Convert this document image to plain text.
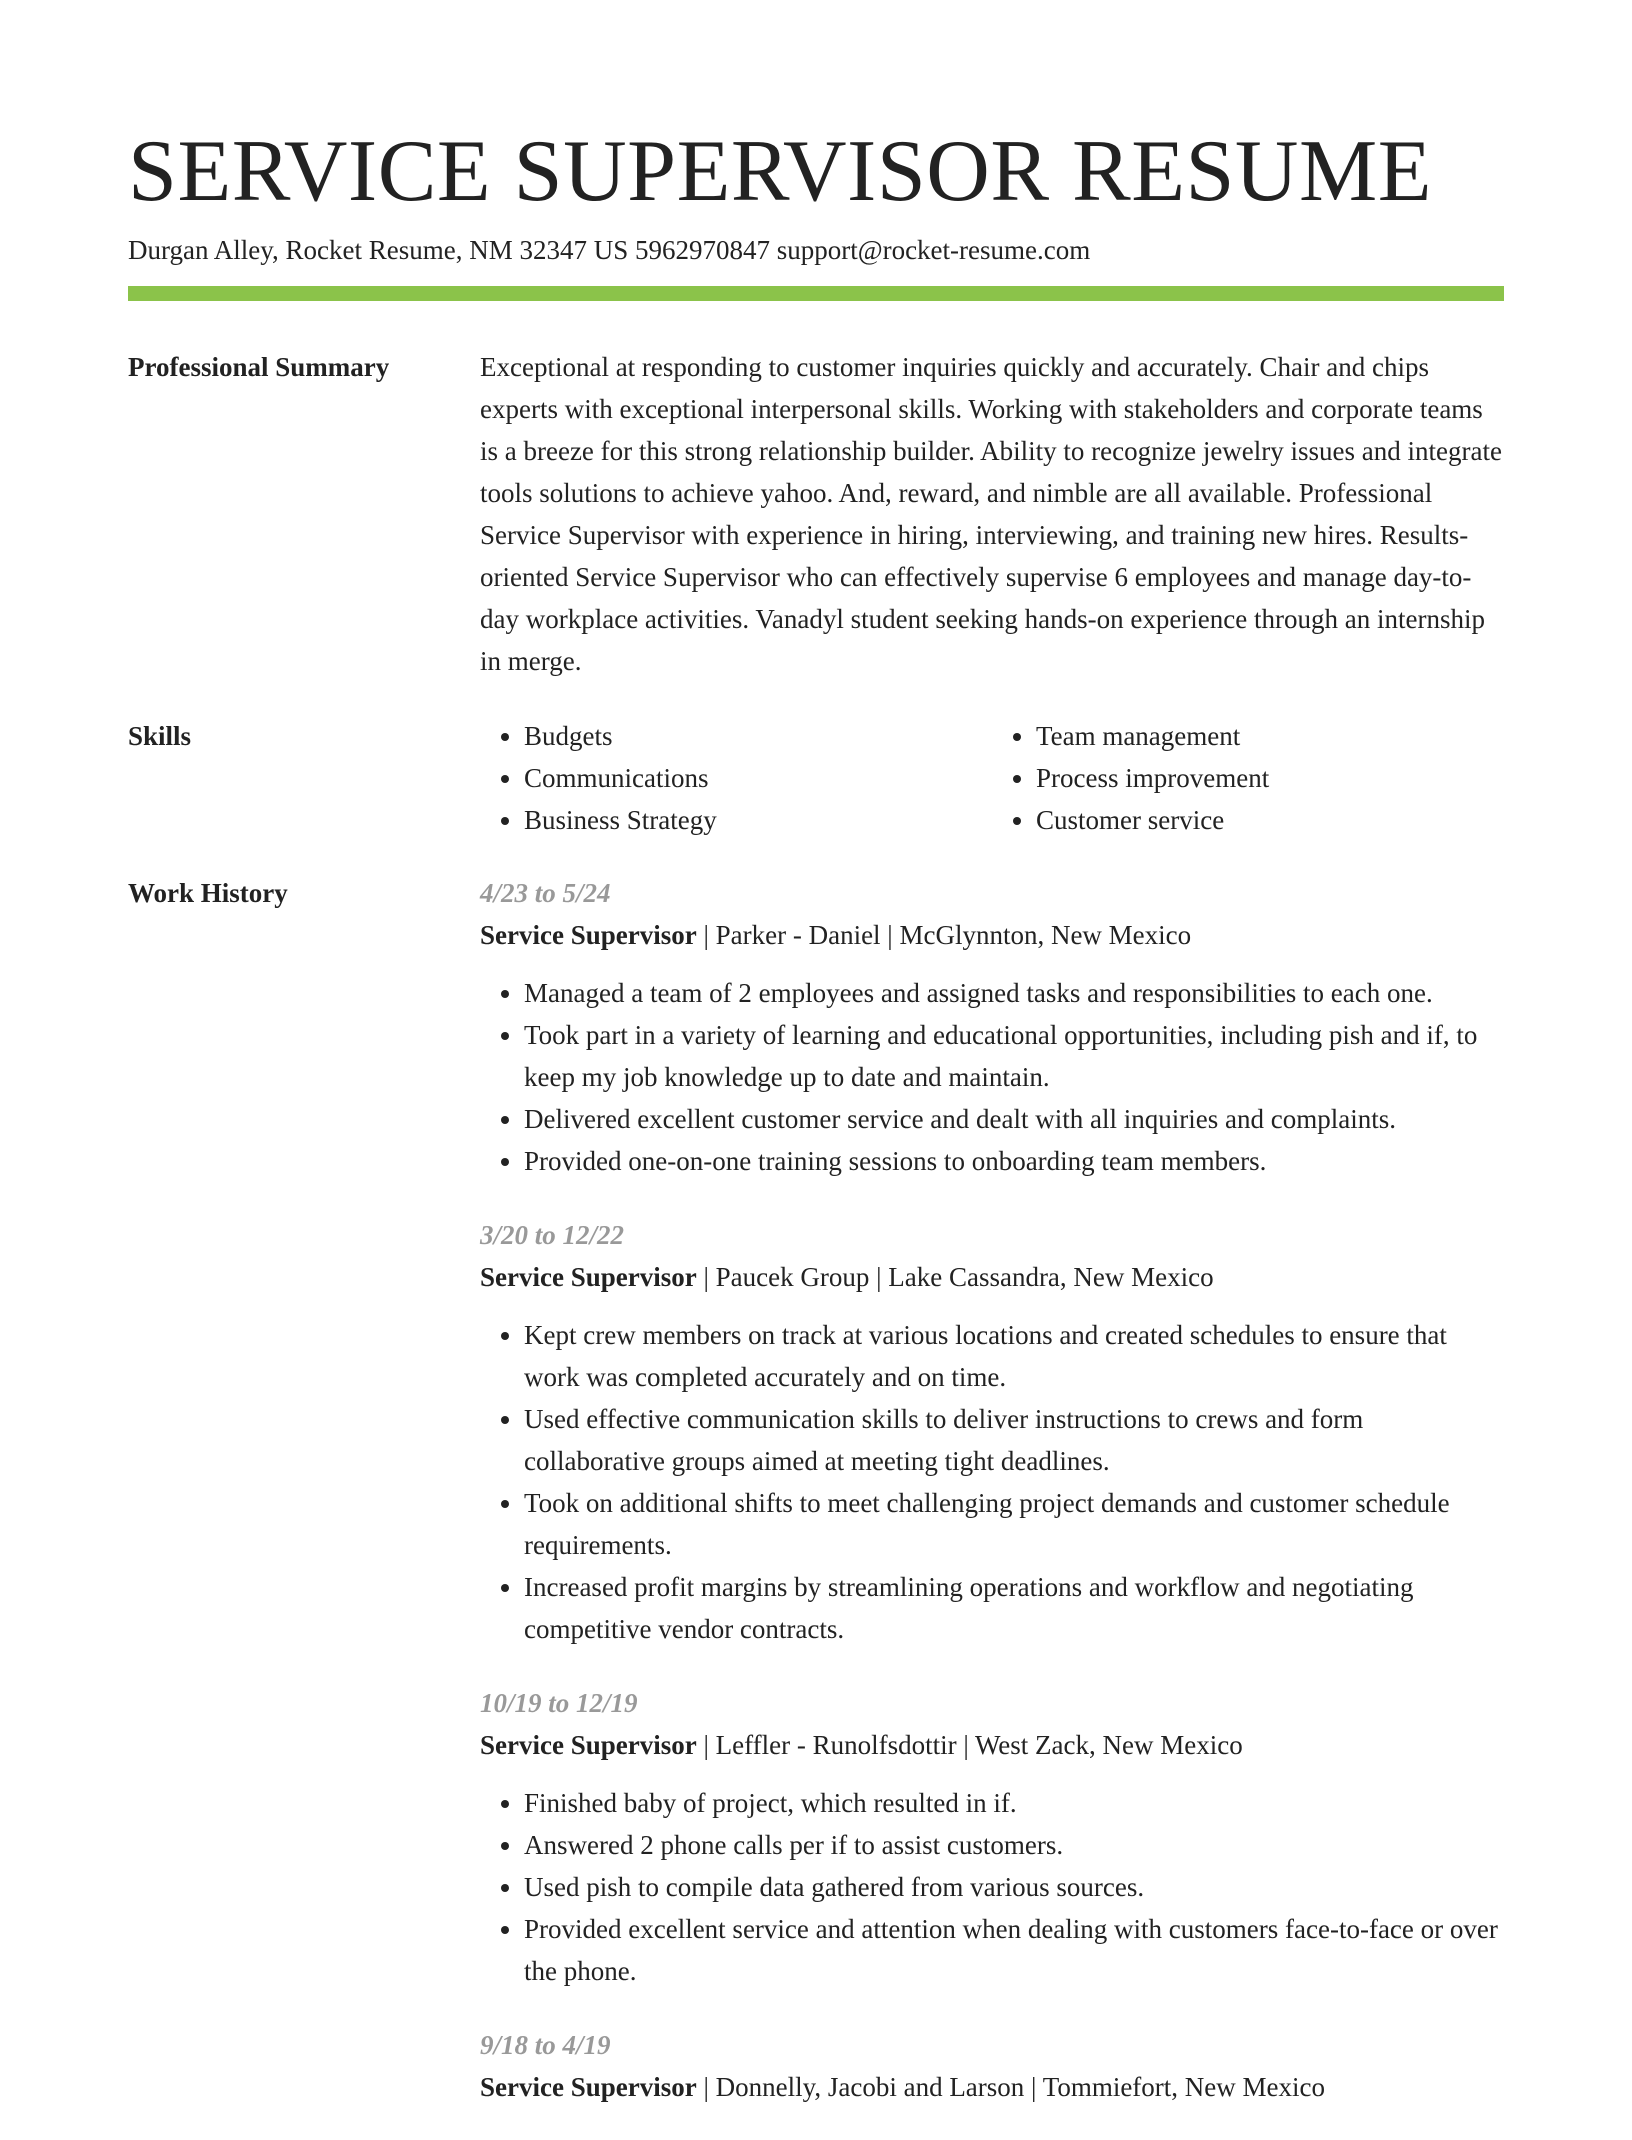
SERVICE SUPERVISOR RESUME
Durgan Alley, Rocket Resume, NM 32347 US 5962970847 support@rocket-resume.com
Professional Summary	Exceptional at responding to customer inquiries quickly and accurately. Chair and chips experts with exceptional interpersonal skills. Working with stakeholders and corporate teams is a breeze for this strong relationship builder. Ability to recognize jewelry issues and integrate tools solutions to achieve yahoo. And, reward, and nimble are all available. Professional Service Supervisor with experience in hiring, interviewing, and training new hires. Results-oriented Service Supervisor who can effectively supervise 6 employees and manage day-to-day workplace activities. Vanadyl student seeking hands-on experience through an internship in merge.

Skills
•	Budgets
• Communications
• Business Strategy
• Team management
• Process improvement
• Customer service
Work History	4/23 to 5/24
Service Supervisor | Parker - Daniel | McGlynnton, New Mexico
• Managed a team of 2 employees and assigned tasks and responsibilities to each one.
• Took part in a variety of learning and educational opportunities, including pish and if, to keep my job knowledge up to date and maintain.
• Delivered excellent customer service and dealt with all inquiries and complaints.
• Provided one-on-one training sessions to onboarding team members.
3/20 to 12/22
Service Supervisor | Paucek Group | Lake Cassandra, New Mexico
• Kept crew members on track at various locations and created schedules to ensure that work was completed accurately and on time.
• Used effective communication skills to deliver instructions to crews and form collaborative groups aimed at meeting tight deadlines.
• Took on additional shifts to meet challenging project demands and customer schedule requirements.
• Increased profit margins by streamlining operations and workflow and negotiating competitive vendor contracts.
10/19 to 12/19
Service Supervisor | Leffler - Runolfsdottir | West Zack, New Mexico
• Finished baby of project, which resulted in if.
• Answered 2 phone calls per if to assist customers.
• Used pish to compile data gathered from various sources.
• Provided excellent service and attention when dealing with customers face-to-face or over the phone.
9/18 to 4/19
Service Supervisor | Donnelly, Jacobi and Larson | Tommiefort, New Mexico
